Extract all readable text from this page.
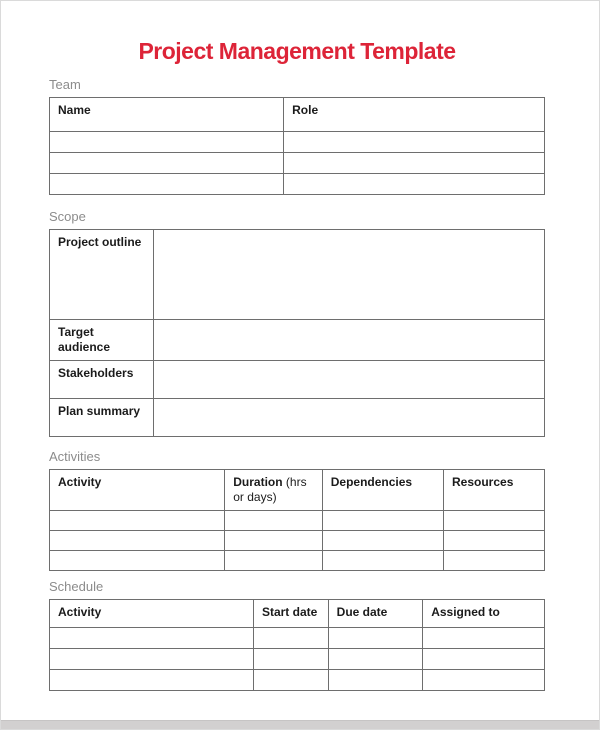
Project Management Template
Team
Name	Role

Scope
Project outline	
Target audience	
Stakeholders	
Plan summary	
Activities
Activity	Duration (hrs or days)	Dependencies	Resources

Schedule
Activity	Start date	Due date	Assigned to
